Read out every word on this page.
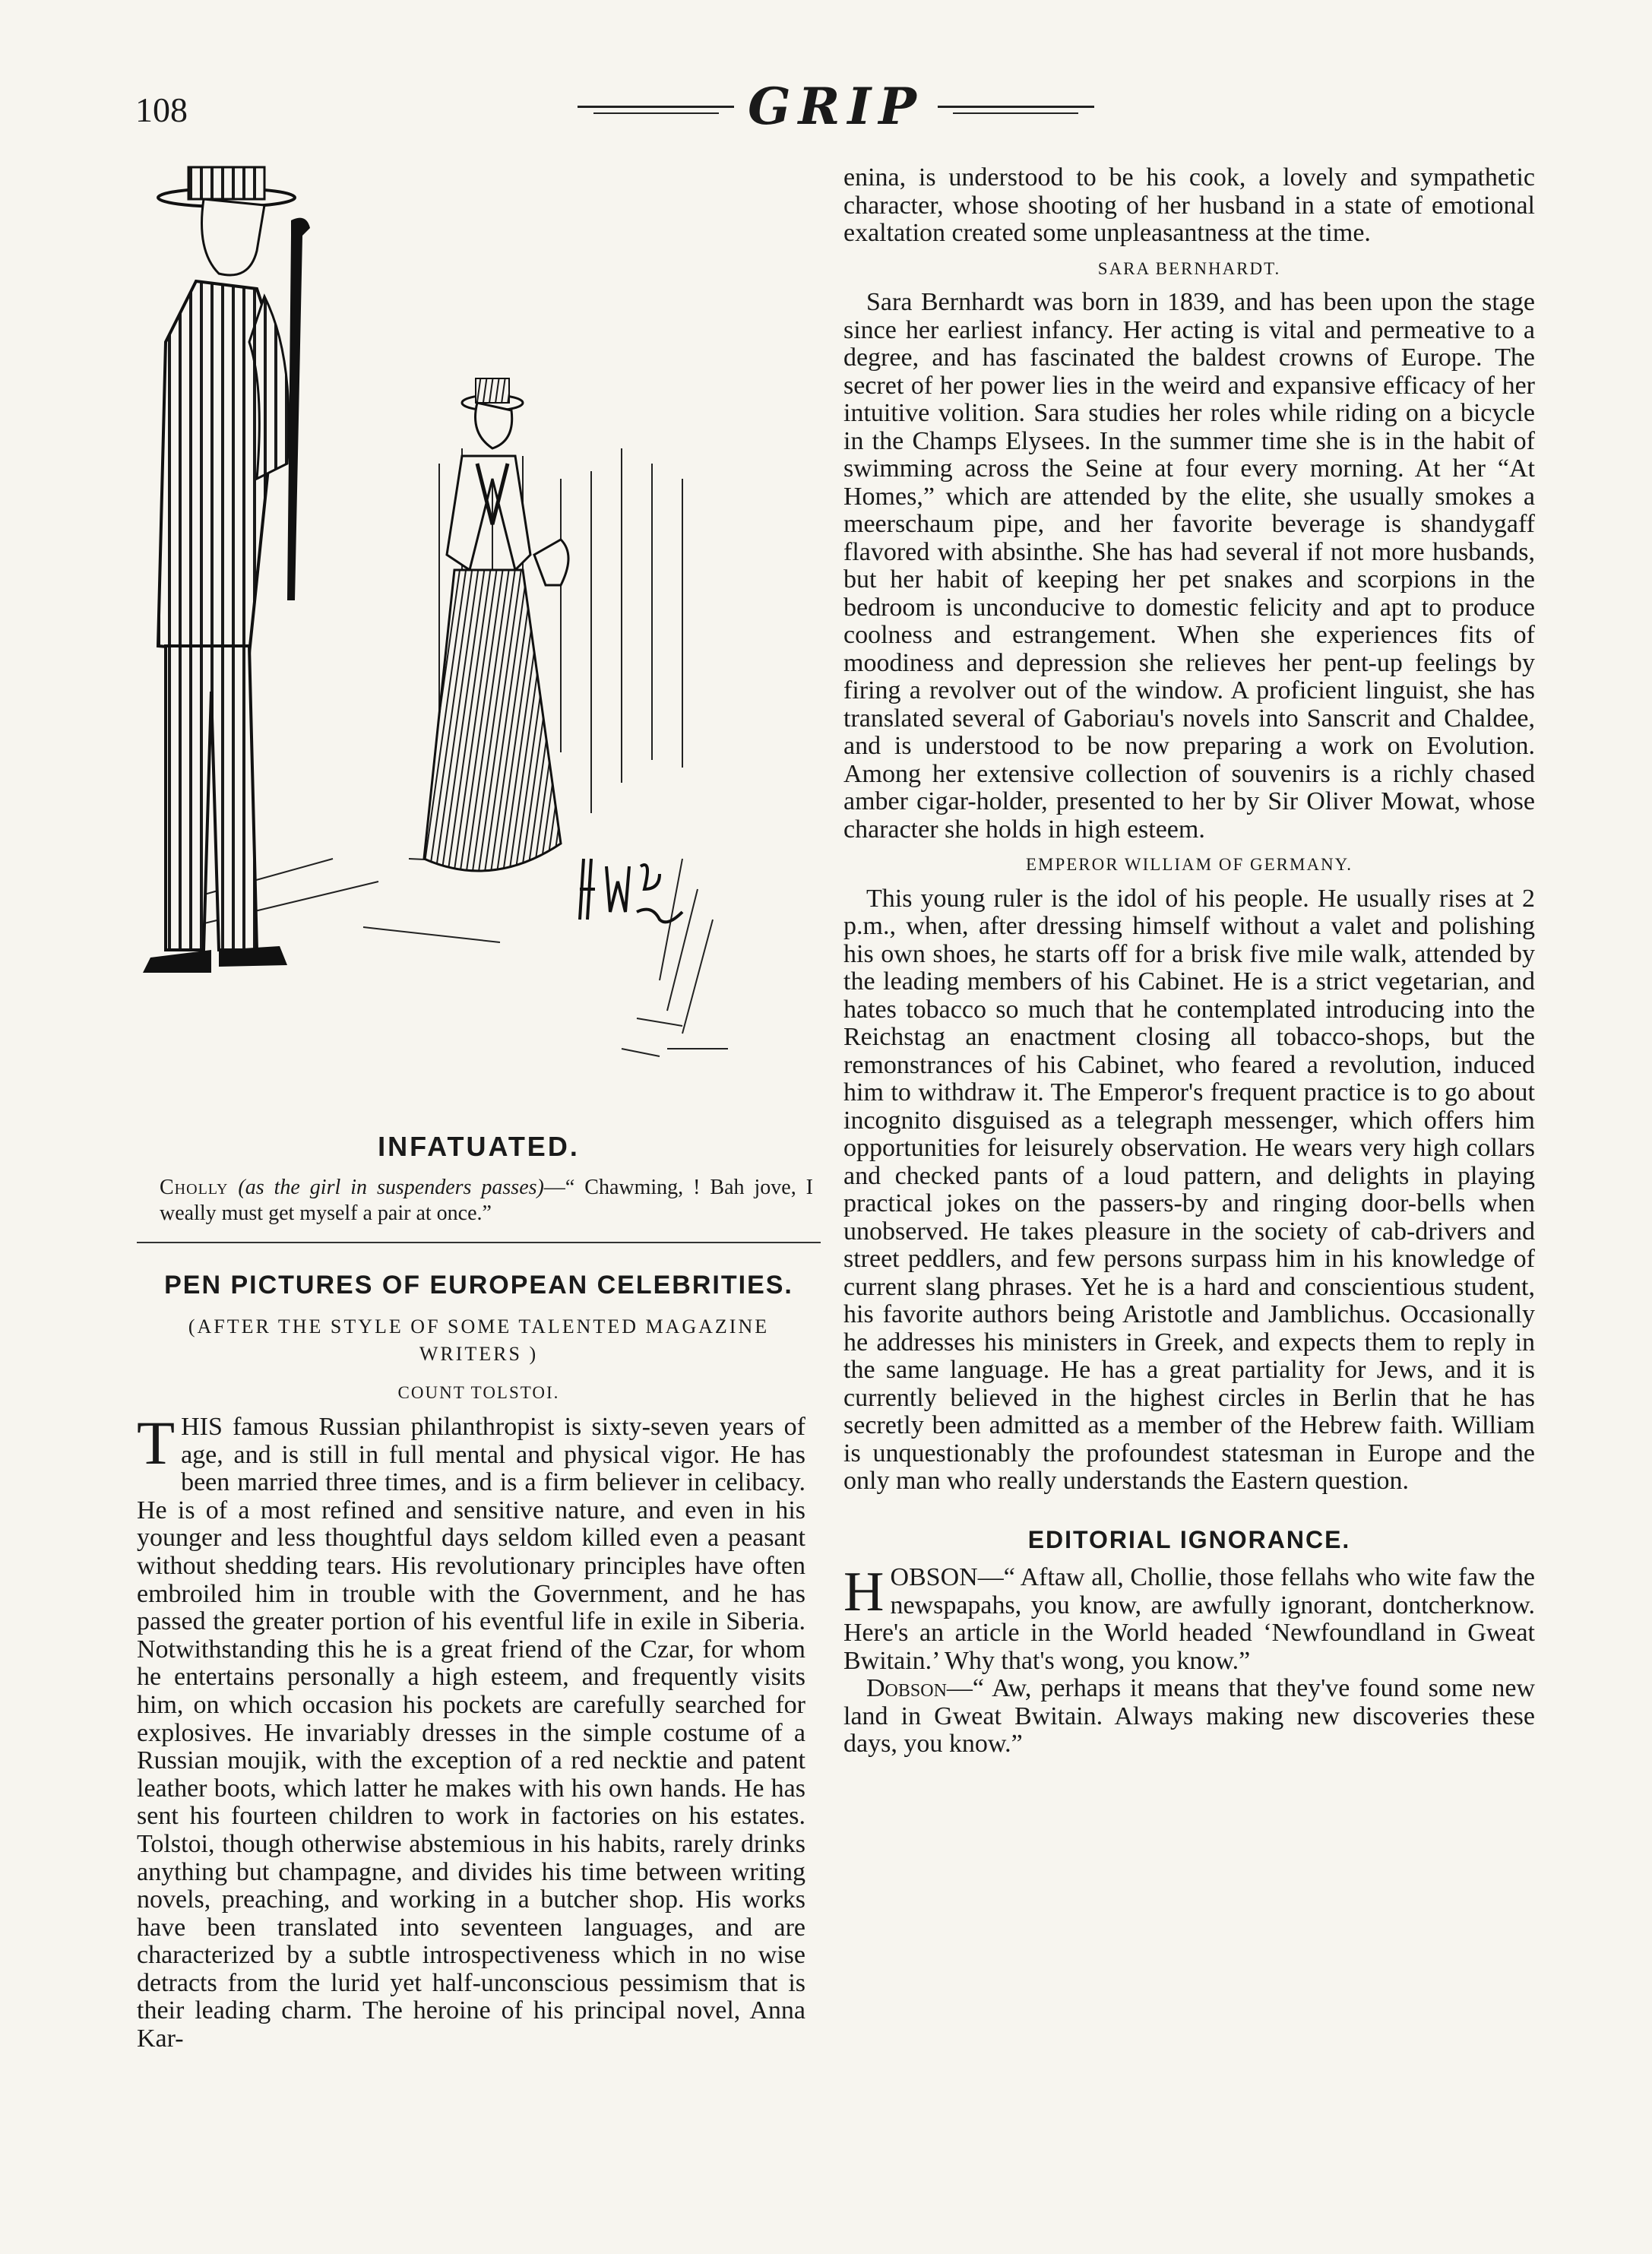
108	GRIP
INFATUATED.
Cholly (as the girl in suspenders passes)—“ Chawming, ! Bah jove, I weally must get myself a pair at once.”
PEN PICTURES OF EUROPEAN CELEBRITIES.
(AFTER THE STYLE OF SOME TALENTED MAGAZINE WRITERS )
COUNT TOLSTOI.
THIS famous Russian philanthropist is sixty-seven years of age, and is still in full mental and physical vigor. He has been married three times, and is a firm believer in celibacy. He is of a most refined and sensitive nature, and even in his younger and less thoughtful days seldom killed even a peasant without shedding tears. His revolutionary principles have often embroiled him in trouble with the Government, and he has passed the greater portion of his eventful life in exile in Siberia. Notwithstanding this he is a great friend of the Czar, for whom he entertains personally a high esteem, and frequently visits him, on which occasion his pockets are carefully searched for explosives. He invariably dresses in the simple costume of a Russian moujik, with the exception of a red necktie and patent leather boots, which latter he makes with his own hands. He has sent his fourteen children to work in factories on his estates. Tolstoi, though otherwise abstemious in his habits, rarely drinks anything but champagne, and divides his time between writing novels, preaching, and working in a butcher shop. His works have been translated into seventeen languages, and are characterized by a subtle introspectiveness which in no wise detracts from the lurid yet half-unconscious pessimism that is their leading charm. The heroine of his principal novel, Anna Kar-

enina, is understood to be his cook, a lovely and sympathetic character, whose shooting of her husband in a state of emotional exaltation created some unpleasantness at the time.

SARA BERNHARDT.

Sara Bernhardt was born in 1839, and has been upon the stage since her earliest infancy. Her acting is vital and permeative to a degree, and has fascinated the baldest crowns of Europe. The secret of her power lies in the weird and expansive efficacy of her intuitive volition. Sara studies her roles while riding on a bicycle in the Champs Elysees. In the summer time she is in the habit of swimming across the Seine at four every morning. At her “At Homes,” which are attended by the elite, she usually smokes a meerschaum pipe, and her favorite beverage is shandygaff flavored with absinthe. She has had several if not more husbands, but her habit of keeping her pet snakes and scorpions in the bedroom is unconducive to domestic felicity and apt to produce coolness and estrangement. When she experiences fits of moodiness and depression she relieves her pent-up feelings by firing a revolver out of the window. A proficient linguist, she has translated several of Gaboriau's novels into Sanscrit and Chaldee, and is understood to be now preparing a work on Evolution. Among her extensive collection of souvenirs is a richly chased amber cigar-holder, presented to her by Sir Oliver Mowat, whose character she holds in high esteem.

EMPEROR WILLIAM OF GERMANY.

This young ruler is the idol of his people. He usually rises at 2 p.m., when, after dressing himself without a valet and polishing his own shoes, he starts off for a brisk five mile walk, attended by the leading members of his Cabinet. He is a strict vegetarian, and hates tobacco so much that he contemplated introducing into the Reichstag an enactment closing all tobacco-shops, but the remonstrances of his Cabinet, who feared a revolution, induced him to withdraw it. The Emperor's frequent practice is to go about incognito disguised as a telegraph messenger, which offers him opportunities for leisurely observation. He wears very high collars and checked pants of a loud pattern, and delights in playing practical jokes on the passers-by and ringing door-bells when unobserved. He takes pleasure in the society of cab-drivers and street peddlers, and few persons surpass him in his knowledge of current slang phrases. Yet he is a hard and conscientious student, his favorite authors being Aristotle and Jamblichus. Occasionally he addresses his ministers in Greek, and expects them to reply in the same language. He has a great partiality for Jews, and it is currently believed in the highest circles in Berlin that he has secretly been admitted as a member of the Hebrew faith. William is unquestionably the profoundest statesman in Europe and the only man who really understands the Eastern question.

EDITORIAL IGNORANCE.

HOBSON—“ Aftaw all, Chollie, those fellahs who wite faw the newspapahs, you know, are awfully ignorant, dontcherknow. Here's an article in the World headed ‘Newfoundland in Gweat Bwitain.’ Why that's wong, you know.”

Dobson—“ Aw, perhaps it means that they've found some new land in Gweat Bwitain. Always making new discoveries these days, you know.”
